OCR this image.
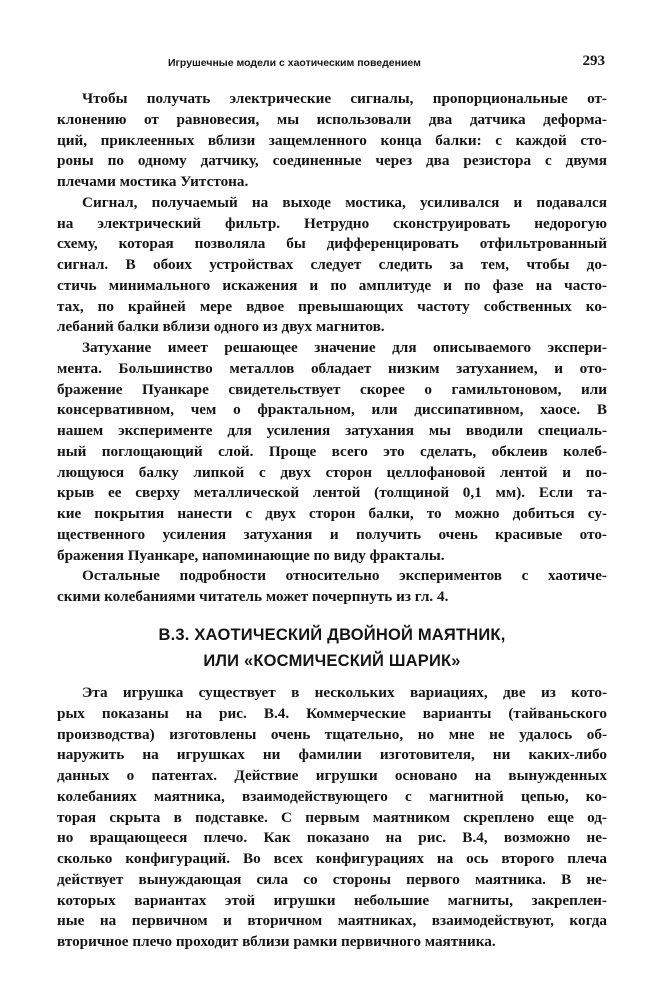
Игрушечные модели с хаотическим поведением	293

Чтобы получать электрические сигналы, пропорциональные от-
клонению от равновесия, мы использовали два датчика деформа-
ций, приклеенных вблизи защемленного конца балки: с каждой сто-
роны по одному датчику, соединенные через два резистора с двумя
плечами мостика Уитстона.

Сигнал, получаемый на выходе мостика, усиливался и подавался
на электрический фильтр. Нетрудно сконструировать недорогую
схему, которая позволяла бы дифференцировать отфильтрованный
сигнал. В обоих устройствах следует следить за тем, чтобы до-
стичь минимального искажения и по амплитуде и по фазе на часто-
тах, по крайней мере вдвое превышающих частоту собственных ко-
лебаний балки вблизи одного из двух магнитов.

Затухание имеет решающее значение для описываемого экспери-
мента. Большинство металлов обладает низким затуханием, и ото-
бражение Пуанкаре свидетельствует скорее о гамильтоновом, или
консервативном, чем о фрактальном, или диссипативном, хаосе. В
нашем эксперименте для усиления затухания мы вводили специаль-
ный поглощающий слой. Проще всего это сделать, обклеив колеб-
лющуюся балку липкой с двух сторон целлофановой лентой и по-
крыв ее сверху металлической лентой (толщиной 0,1 мм). Если та-
кие покрытия нанести с двух сторон балки, то можно добиться су-
щественного усиления затухания и получить очень красивые ото-
бражения Пуанкаре, напоминающие по виду фракталы.

Остальные подробности относительно экспериментов с хаотиче-
скими колебаниями читатель может почерпнуть из гл. 4.

В.3. ХАОТИЧЕСКИЙ ДВОЙНОЙ МАЯТНИК,
ИЛИ «КОСМИЧЕСКИЙ ШАРИК»

Эта игрушка существует в нескольких вариациях, две из кото-
рых показаны на рис. В.4. Коммерческие варианты (тайваньского
производства) изготовлены очень тщательно, но мне не удалось об-
наружить на игрушках ни фамилии изготовителя, ни каких-либо
данных о патентах. Действие игрушки основано на вынужденных
колебаниях маятника, взаимодействующего с магнитной цепью, ко-
торая скрыта в подставке. С первым маятником скреплено еще од-
но вращающееся плечо. Как показано на рис. В.4, возможно не-
сколько конфигураций. Во всех конфигурациях на ось второго плеча
действует вынуждающая сила со стороны первого маятника. В не-
которых вариантах этой игрушки небольшие магниты, закреплен-
ные на первичном и вторичном маятниках, взаимодействуют, когда
вторичное плечо проходит вблизи рамки первичного маятника.
